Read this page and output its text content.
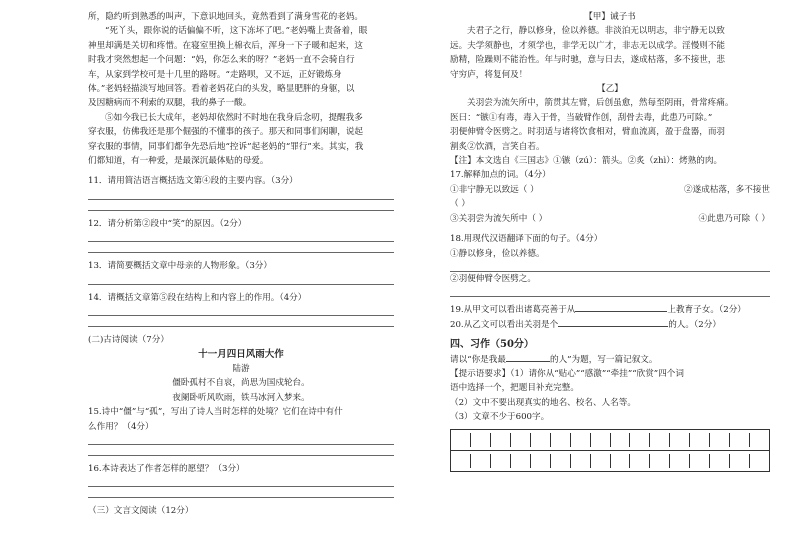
所，隐约听到熟悉的叫声，下意识地回头，竟然看到了满身雪花的老妈。

“死丫头，跟你说的话偏偏不听，这下冻坏了吧。”老妈嘴上责备着，眼

神里却满是关切和疼惜。在寝室里换上棉衣后，浑身一下子暖和起来，这

时我才突然想起一个问题：“妈，你怎么来的呀？”老妈一直不会骑自行

车，从家到学校可是十几里的路呀。“走路呗，又不远，正好锻炼身

体。”老妈轻描淡写地回答。看着老妈花白的头发，略显肥胖的身躯，以

及因糖病而不利索的双腿，我的鼻子一酸。

⑤如今我已长大成年，老妈却依然时不时地在我身后念叨，提醒我多

穿衣服，仿佛我还是那个倔强的不懂事的孩子。那天和同事们闲聊，说起

穿衣服的事情，同事们都争先恐后地“控诉”起老妈的“罪行”来。其实，我

们都知道，有一种爱，是最深沉最体贴的母爱。

11．请用简洁语言概括选文第④段的主要内容。（3分）

12．请分析第②段中“笑”的原因。（2分）

13．请简要概括文章中母亲的人物形象。（3分）

14．请概括文章第⑤段在结构上和内容上的作用。（4分）

(二)古诗阅读（7分）

十一月四日风雨大作

陆游

僵卧孤村不自哀，尚思为国戍轮台。

夜阑卧听风吹雨，铁马冰河入梦来。

15.诗中“僵”与“孤”，写出了诗人当时怎样的处境？它们在诗中有什

么作用？（4分）

16.本诗表达了作者怎样的愿望？（3分）

（三）文言文阅读（12分）

【甲】诫子书

夫君子之行，静以修身，俭以养德。非淡泊无以明志，非宁静无以致

远。夫学须静也，才须学也，非学无以广才，非志无以成学。淫慢则不能

励精，险躁则不能治性。年与时驰，意与日去，遂成枯落，多不接世，悲

守穷庐，将复何及！

【乙】

关羽尝为流矢所中，箭贯其左臂，后创虽愈，然每至阴雨，骨常疼痛。

医曰：“镞①有毒，毒入于骨，当破臂作创，刮骨去毒，此患乃可除。”

羽便伸臂令医劈之。时羽适与诸将饮食相对，臂血流离，盈于盘器，而羽

割炙②饮酒，言笑自若。

【注】本文选自《三国志》①镞（zú）：箭头。②炙（zhì）：烤熟的肉。

17.解释加点的词。（4分）

①非宁静无以致远（ ）	②遂成枯落，多不接世

（ ）

③关羽尝为流矢所中（ ）	④此患乃可除（ ）

18.用现代汉语翻译下面的句子。（4分）

①静以修身，俭以养德。

②羽便伸臂令医劈之。

19.从甲文可以看出诸葛亮善于从	上教育子女。（2分）

20.从乙文可以看出关羽是个	的人。（2分）

四、习作（50分）

请以“你是我最	的人”为题，写一篇记叙文。

【提示语要求】（1）请你从“贴心”“感激”“牵挂”“欣赏”四个词

语中选择一个，把题目补充完整。

（2）文中不要出现真实的地名、校名、人名等。

（3）文章不少于600字。
